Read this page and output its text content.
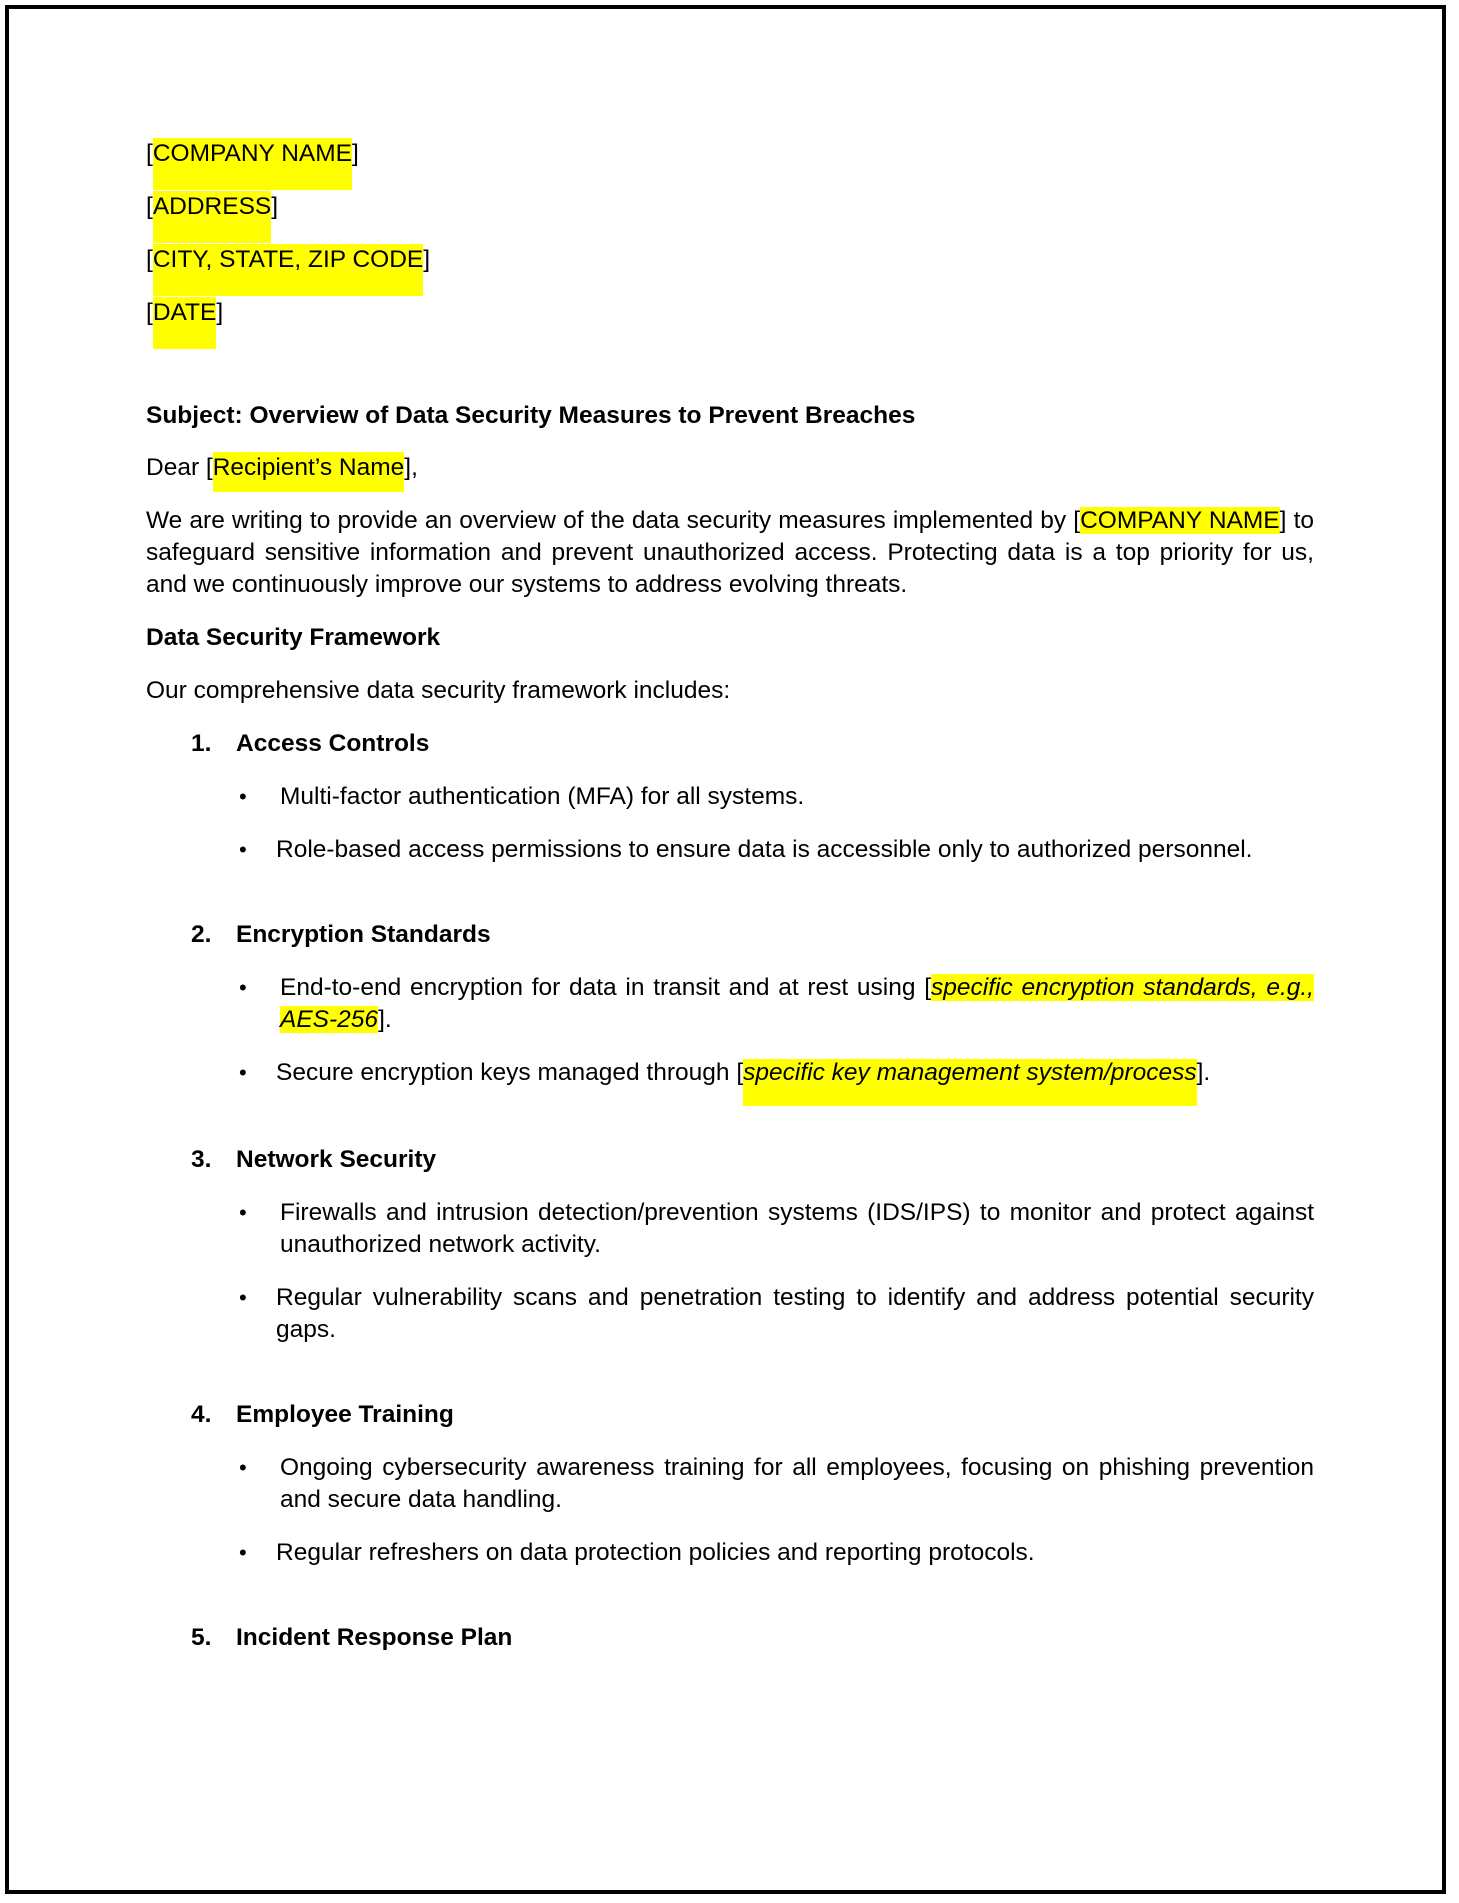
[COMPANY NAME]
[ADDRESS]
[CITY, STATE, ZIP CODE]
[DATE]

Subject: Overview of Data Security Measures to Prevent Breaches

Dear [Recipient’s Name],

We are writing to provide an overview of the data security measures implemented by [COMPANY NAME] to safeguard sensitive information and prevent unauthorized access. Protecting data is a top priority for us, and we continuously improve our systems to address evolving threats.

Data Security Framework

Our comprehensive data security framework includes:

1. Access Controls
• Multi-factor authentication (MFA) for all systems.
• Role-based access permissions to ensure data is accessible only to authorized personnel.
2. Encryption Standards
• End-to-end encryption for data in transit and at rest using [specific encryption standards, e.g., AES-256].
• Secure encryption keys managed through [specific key management system/process].
3. Network Security
• Firewalls and intrusion detection/prevention systems (IDS/IPS) to monitor and protect against unauthorized network activity.
• Regular vulnerability scans and penetration testing to identify and address potential security gaps.
4. Employee Training
• Ongoing cybersecurity awareness training for all employees, focusing on phishing prevention and secure data handling.
• Regular refreshers on data protection policies and reporting protocols.
5. Incident Response Plan
